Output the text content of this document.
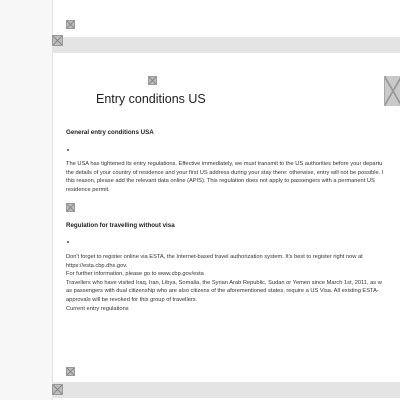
Entry conditions US
General entry conditions USA
The USA has tightened its entry regulations. Effective immediately, we must transmit to the US authorities before your departu
the details of your country of residence and your first US address during your stay there: otherwise, entry will not be possible. I
this reason, please add the relevant data online (APIS). This regulation does not apply to passengers with a permanent US
residence permit.
Regulation for travelling without visa
Don't forget to register online via ESTA, the Internet-based travel authorization system. It's best to register right now at
https://esta.cbp.dhs.gov.
For further information, please go to www.cbp.gov/esta
Travellers who have visited Iraq, Iran, Libya, Somalia, the Syrian Arab Republic, Sudan or Yemen since March 1st, 2011, as w
as passengers with dual citizenship who are also citizens of the aforementioned states, require a US Visa. All existing ESTA-
approvals will be revoked for this group of travellers.
Current entry regulations
